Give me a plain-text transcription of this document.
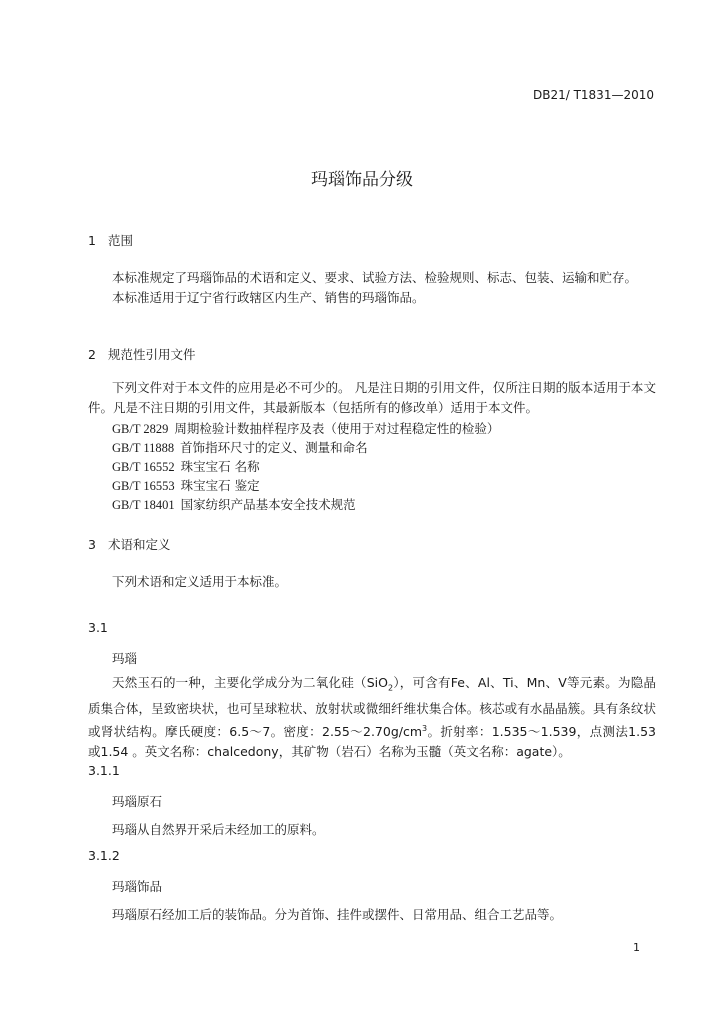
DB21/ T1831—2010
玛瑙饰品分级
1 范围
本标准规定了玛瑙饰品的术语和定义、要求、试验方法、检验规则、标志、包装、运输和贮存。
本标准适用于辽宁省行政辖区内生产、销售的玛瑙饰品。
2 规范性引用文件
下列文件对于本文件的应用是必不可少的。 凡是注日期的引用文件，仅所注日期的版本适用于本文件。凡是不注日期的引用文件，其最新版本（包括所有的修改单）适用于本文件。
GB/T 2829 周期检验计数抽样程序及表（使用于对过程稳定性的检验）
GB/T 11888 首饰指环尺寸的定义、测量和命名
GB/T 16552 珠宝宝石 名称
GB/T 16553 珠宝宝石 鉴定
GB/T 18401 国家纺织产品基本安全技术规范
3 术语和定义
下列术语和定义适用于本标准。
3.1
玛瑙
天然玉石的一种，主要化学成分为二氧化硅（SiO$_2$），可含有Fe、Al、Ti、Mn、V等元素。为隐晶质集合体，呈致密块状，也可呈球粒状、放射状或微细纤维状集合体。核芯或有水晶晶簇。具有条纹状或肾状结构。摩氏硬度：6.5～7。密度：$2.55\sim 2.70g/cm^3$。折射率：1.535～1.539，点测法1.53或1.54 。英文名称：chalcedony，其矿物（岩石）名称为玉髓（英文名称：agate）。
3.1.1
玛瑙原石
玛瑙从自然界开采后未经加工的原料。
3.1.2
玛瑙饰品
玛瑙原石经加工后的装饰品。分为首饰、挂件或摆件、日常用品、组合工艺品等。
1
